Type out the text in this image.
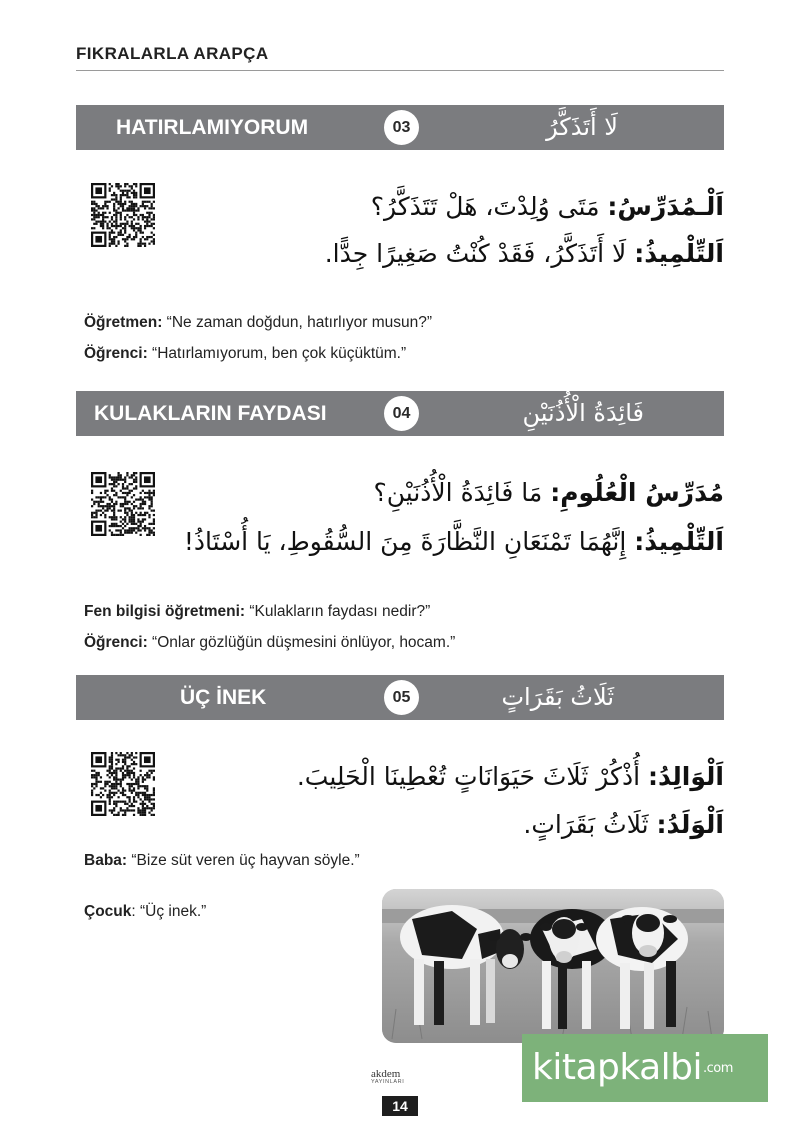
FIKRALARLA ARAPÇA
HATIRLAMIYORUM	03	لَا أَتَذَكَّرُ
اَلْـمُدَرِّسُ: مَتَى وُلِدْتَ، هَلْ تَتَذَكَّرُ؟
اَلتِّلْمِيذُ: لَا أَتَذَكَّرُ، فَقَدْ كُنْتُ صَغِيرًا جِدًّا.
Öğretmen: “Ne zaman doğdun, hatırlıyor musun?”
Öğrenci: “Hatırlamıyorum, ben çok küçüktüm.”
KULAKLARIN FAYDASI	04	فَائِدَةُ الْأُذُنَيْنِ
مُدَرِّسُ الْعُلُومِ: مَا فَائِدَةُ الْأُذُنَيْنِ؟
اَلتِّلْمِيذُ: إِنَّهُمَا تَمْنَعَانِ النَّظَّارَةَ مِنَ السُّقُوطِ، يَا أُسْتَاذُ!
Fen bilgisi öğretmeni: “Kulakların faydası nedir?”
Öğrenci: “Onlar gözlüğün düşmesini önlüyor, hocam.”
ÜÇ İNEK	05	ثَلَاثُ بَقَرَاتٍ
اَلْوَالِدُ: أُذْكُرْ ثَلَاثَ حَيَوَانَاتٍ تُعْطِينَا الْحَلِيبَ.
اَلْوَلَدُ: ثَلَاثُ بَقَرَاتٍ.
Baba: “Bize süt veren üç hayvan söyle.”
Çocuk: “Üç inek.”
akdem
YAYINLARI
14
kitapkalbi.com
